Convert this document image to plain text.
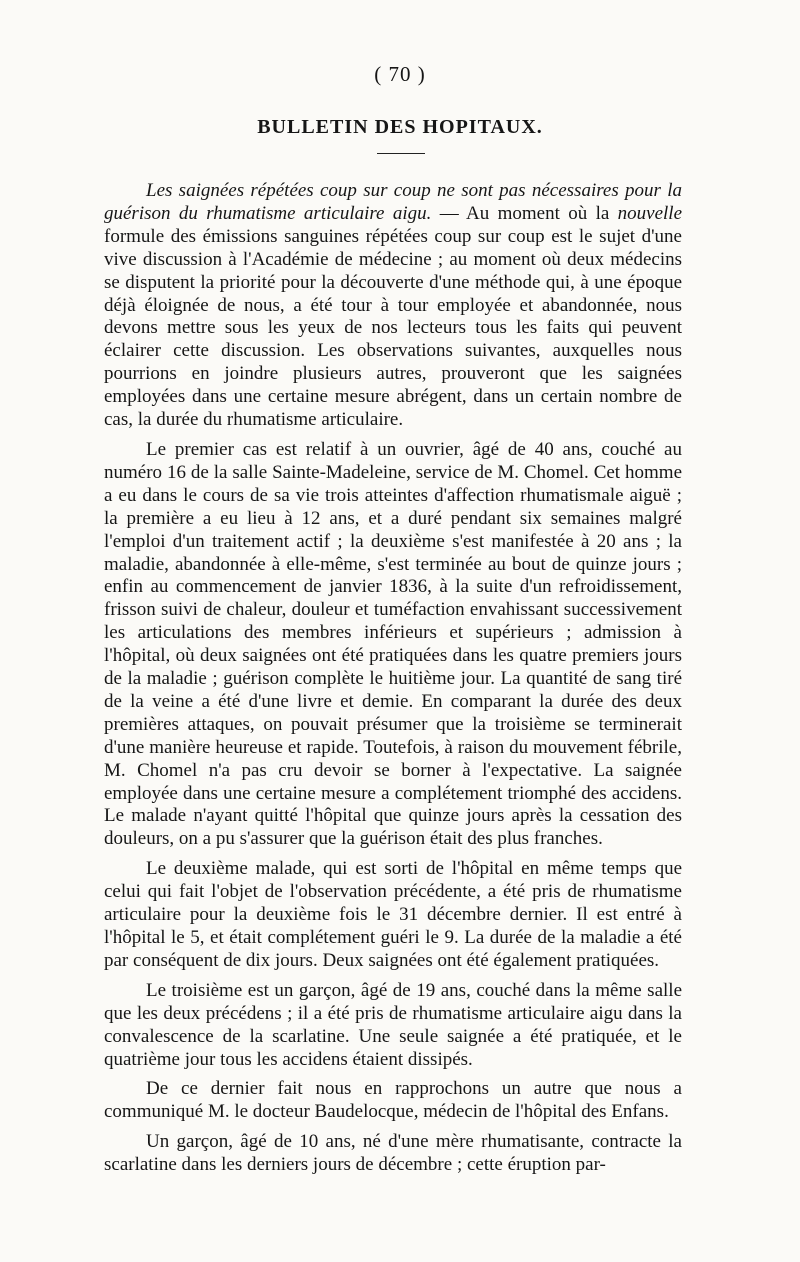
( 70 )
BULLETIN DES HOPITAUX.

Les saignées répétées coup sur coup ne sont pas nécessaires pour la guérison du rhumatisme articulaire aigu. — Au moment où la nouvelle formule des émissions sanguines répétées coup sur coup est le sujet d'une vive discussion à l'Académie de médecine ; au moment où deux médecins se disputent la priorité pour la découverte d'une méthode qui, à une époque déjà éloignée de nous, a été tour à tour employée et abandonnée, nous devons mettre sous les yeux de nos lecteurs tous les faits qui peuvent éclairer cette discussion. Les observations suivantes, auxquelles nous pourrions en joindre plusieurs autres, prouveront que les saignées employées dans une certaine mesure abrégent, dans un certain nombre de cas, la durée du rhumatisme articulaire.

Le premier cas est relatif à un ouvrier, âgé de 40 ans, couché au numéro 16 de la salle Sainte-Madeleine, service de M. Chomel. Cet homme a eu dans le cours de sa vie trois atteintes d'affection rhumatismale aiguë ; la première a eu lieu à 12 ans, et a duré pendant six semaines malgré l'emploi d'un traitement actif ; la deuxième s'est manifestée à 20 ans ; la maladie, abandonnée à elle-même, s'est terminée au bout de quinze jours ; enfin au commencement de janvier 1836, à la suite d'un refroidissement, frisson suivi de chaleur, douleur et tuméfaction envahissant successivement les articulations des membres inférieurs et supérieurs ; admission à l'hôpital, où deux saignées ont été pratiquées dans les quatre premiers jours de la maladie ; guérison complète le huitième jour. La quantité de sang tiré de la veine a été d'une livre et demie. En comparant la durée des deux premières attaques, on pouvait présumer que la troisième se terminerait d'une manière heureuse et rapide. Toutefois, à raison du mouvement fébrile, M. Chomel n'a pas cru devoir se borner à l'expectative. La saignée employée dans une certaine mesure a complétement triomphé des accidens. Le malade n'ayant quitté l'hôpital que quinze jours après la cessation des douleurs, on a pu s'assurer que la guérison était des plus franches.

Le deuxième malade, qui est sorti de l'hôpital en même temps que celui qui fait l'objet de l'observation précédente, a été pris de rhumatisme articulaire pour la deuxième fois le 31 décembre dernier. Il est entré à l'hôpital le 5, et était complétement guéri le 9. La durée de la maladie a été par conséquent de dix jours. Deux saignées ont été également pratiquées.

Le troisième est un garçon, âgé de 19 ans, couché dans la même salle que les deux précédens ; il a été pris de rhumatisme articulaire aigu dans la convalescence de la scarlatine. Une seule saignée a été pratiquée, et le quatrième jour tous les accidens étaient dissipés.

De ce dernier fait nous en rapprochons un autre que nous a communiqué M. le docteur Baudelocque, médecin de l'hôpital des Enfans.

Un garçon, âgé de 10 ans, né d'une mère rhumatisante, contracte la scarlatine dans les derniers jours de décembre ; cette éruption par-
